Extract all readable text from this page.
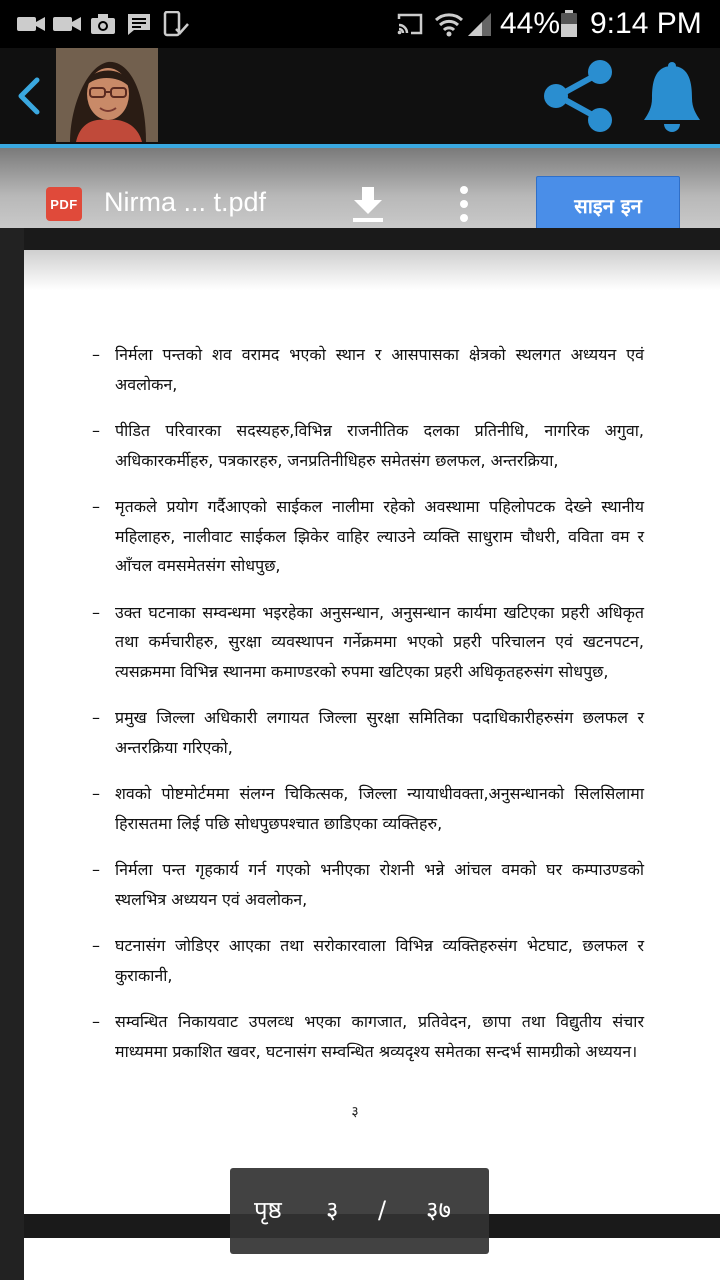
44% 9:14 PM
PDF Nirma ... t.pdf	साइन इन
– निर्मला पन्तको शव वरामद भएको स्थान र आसपासका क्षेत्रको स्थलगत अध्ययन एवं अवलोकन,
– पीडित परिवारका सदस्यहरु,विभिन्न राजनीतिक दलका प्रतिनीधि, नागरिक अगुवा, अधिकारकर्मीहरु, पत्रकारहरु, जनप्रतिनीधिहरु समेतसंग छलफल, अन्तरक्रिया,
– मृतकले प्रयोग गर्दैआएको साईकल नालीमा रहेको अवस्थामा पहिलोपटक देख्ने स्थानीय महिलाहरु, नालीवाट साईकल झिकेर वाहिर ल्याउने व्यक्ति साधुराम चौधरी, वविता वम र आँचल वमसमेतसंग सोधपुछ,
– उक्त घटनाका सम्वन्धमा भइरहेका अनुसन्धान, अनुसन्धान कार्यमा खटिएका प्रहरी अधिकृत तथा कर्मचारीहरु, सुरक्षा व्यवस्थापन गर्नेक्रममा भएको प्रहरी परिचालन एवं खटनपटन, त्यसक्रममा विभिन्न स्थानमा कमाण्डरको रुपमा खटिएका प्रहरी अधिकृतहरुसंग सोधपुछ,
– प्रमुख जिल्ला अधिकारी लगायत जिल्ला सुरक्षा समितिका पदाधिकारीहरुसंग छलफल र अन्तरक्रिया गरिएको,
– शवको पोष्टमोर्टममा संलग्न चिकित्सक, जिल्ला न्यायाधीवक्ता,अनुसन्धानको सिलसिलामा हिरासतमा लिई पछि सोधपुछपश्चात छाडिएका व्यक्तिहरु,
– निर्मला पन्त गृहकार्य गर्न गएको भनीएका रोशनी भन्ने आंचल वमको घर कम्पाउण्डको स्थलभित्र अध्ययन एवं अवलोकन,
– घटनासंग जोडिएर आएका तथा सरोकारवाला विभिन्न व्यक्तिहरुसंग भेटघाट, छलफल र कुराकानी,
– सम्वन्धित निकायवाट उपलव्ध भएका कागजात, प्रतिवेदन, छापा तथा विद्युतीय संचार माध्यममा प्रकाशित खवर, घटनासंग सम्वन्धित श्रव्यदृश्य समेतका सन्दर्भ सामग्रीको अध्ययन।
३
पृष्ठ ३ / ३७
